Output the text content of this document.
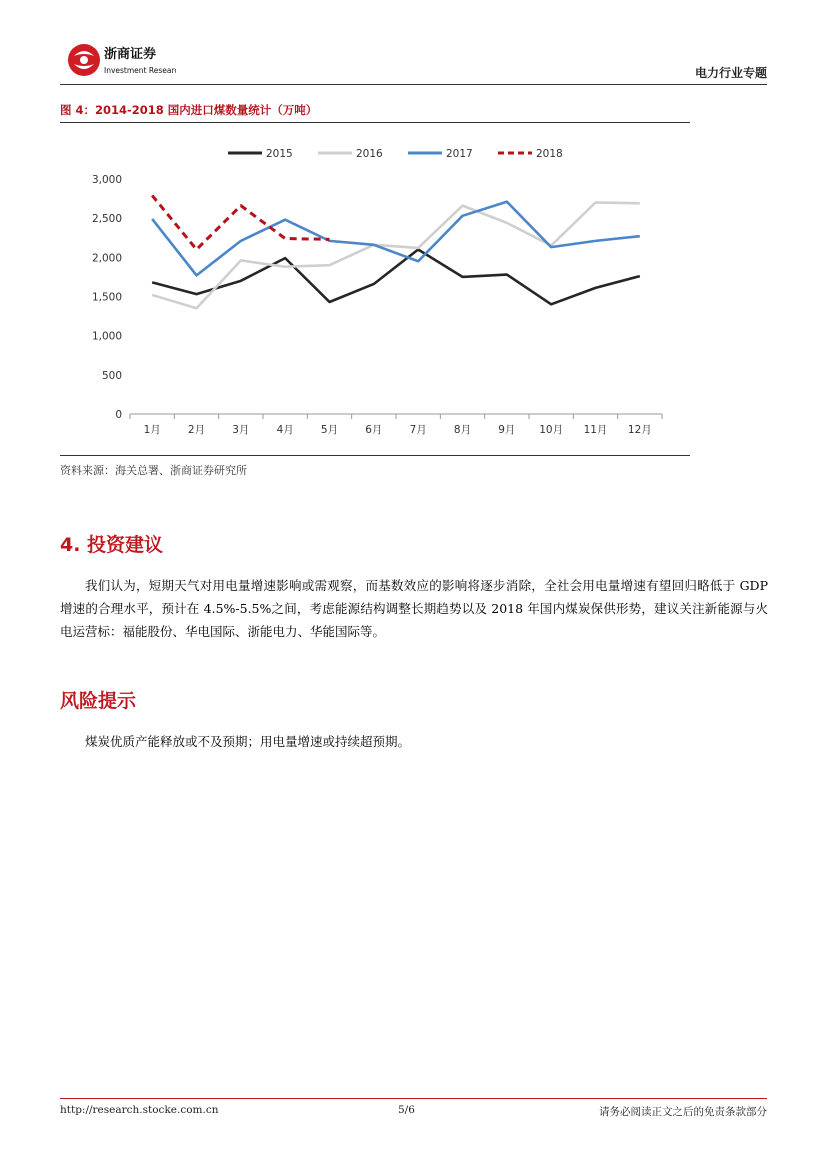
浙商证券
Investment Research	电力行业专题
图 4：2014-2018 国内进口煤数量统计（万吨）
2015	2016	2017	2018
0
500
1,000
1,500
2,000
2,500
3,000
1月	2月	3月	4月	5月	6月	7月	8月	9月 10月 11月 12月
资料来源：海关总署、浙商证券研究所
4. 投资建议
我们认为，短期天气对用电量增速影响或需观察，而基数效应的影响将逐步消除，全社会用电量增速有望回归略低于 GDP 增速的合理水平，预计在 4.5%-5.5%之间，考虑能源结构调整长期趋势以及 2018 年国内煤炭保供形势，建议关注新能源与火电运营标：福能股份、华电国际、浙能电力、华能国际等。
风险提示
煤炭优质产能释放或不及预期；用电量增速或持续超预期。
http://research.stocke.com.cn	5/6	请务必阅读正文之后的免责条款部分
